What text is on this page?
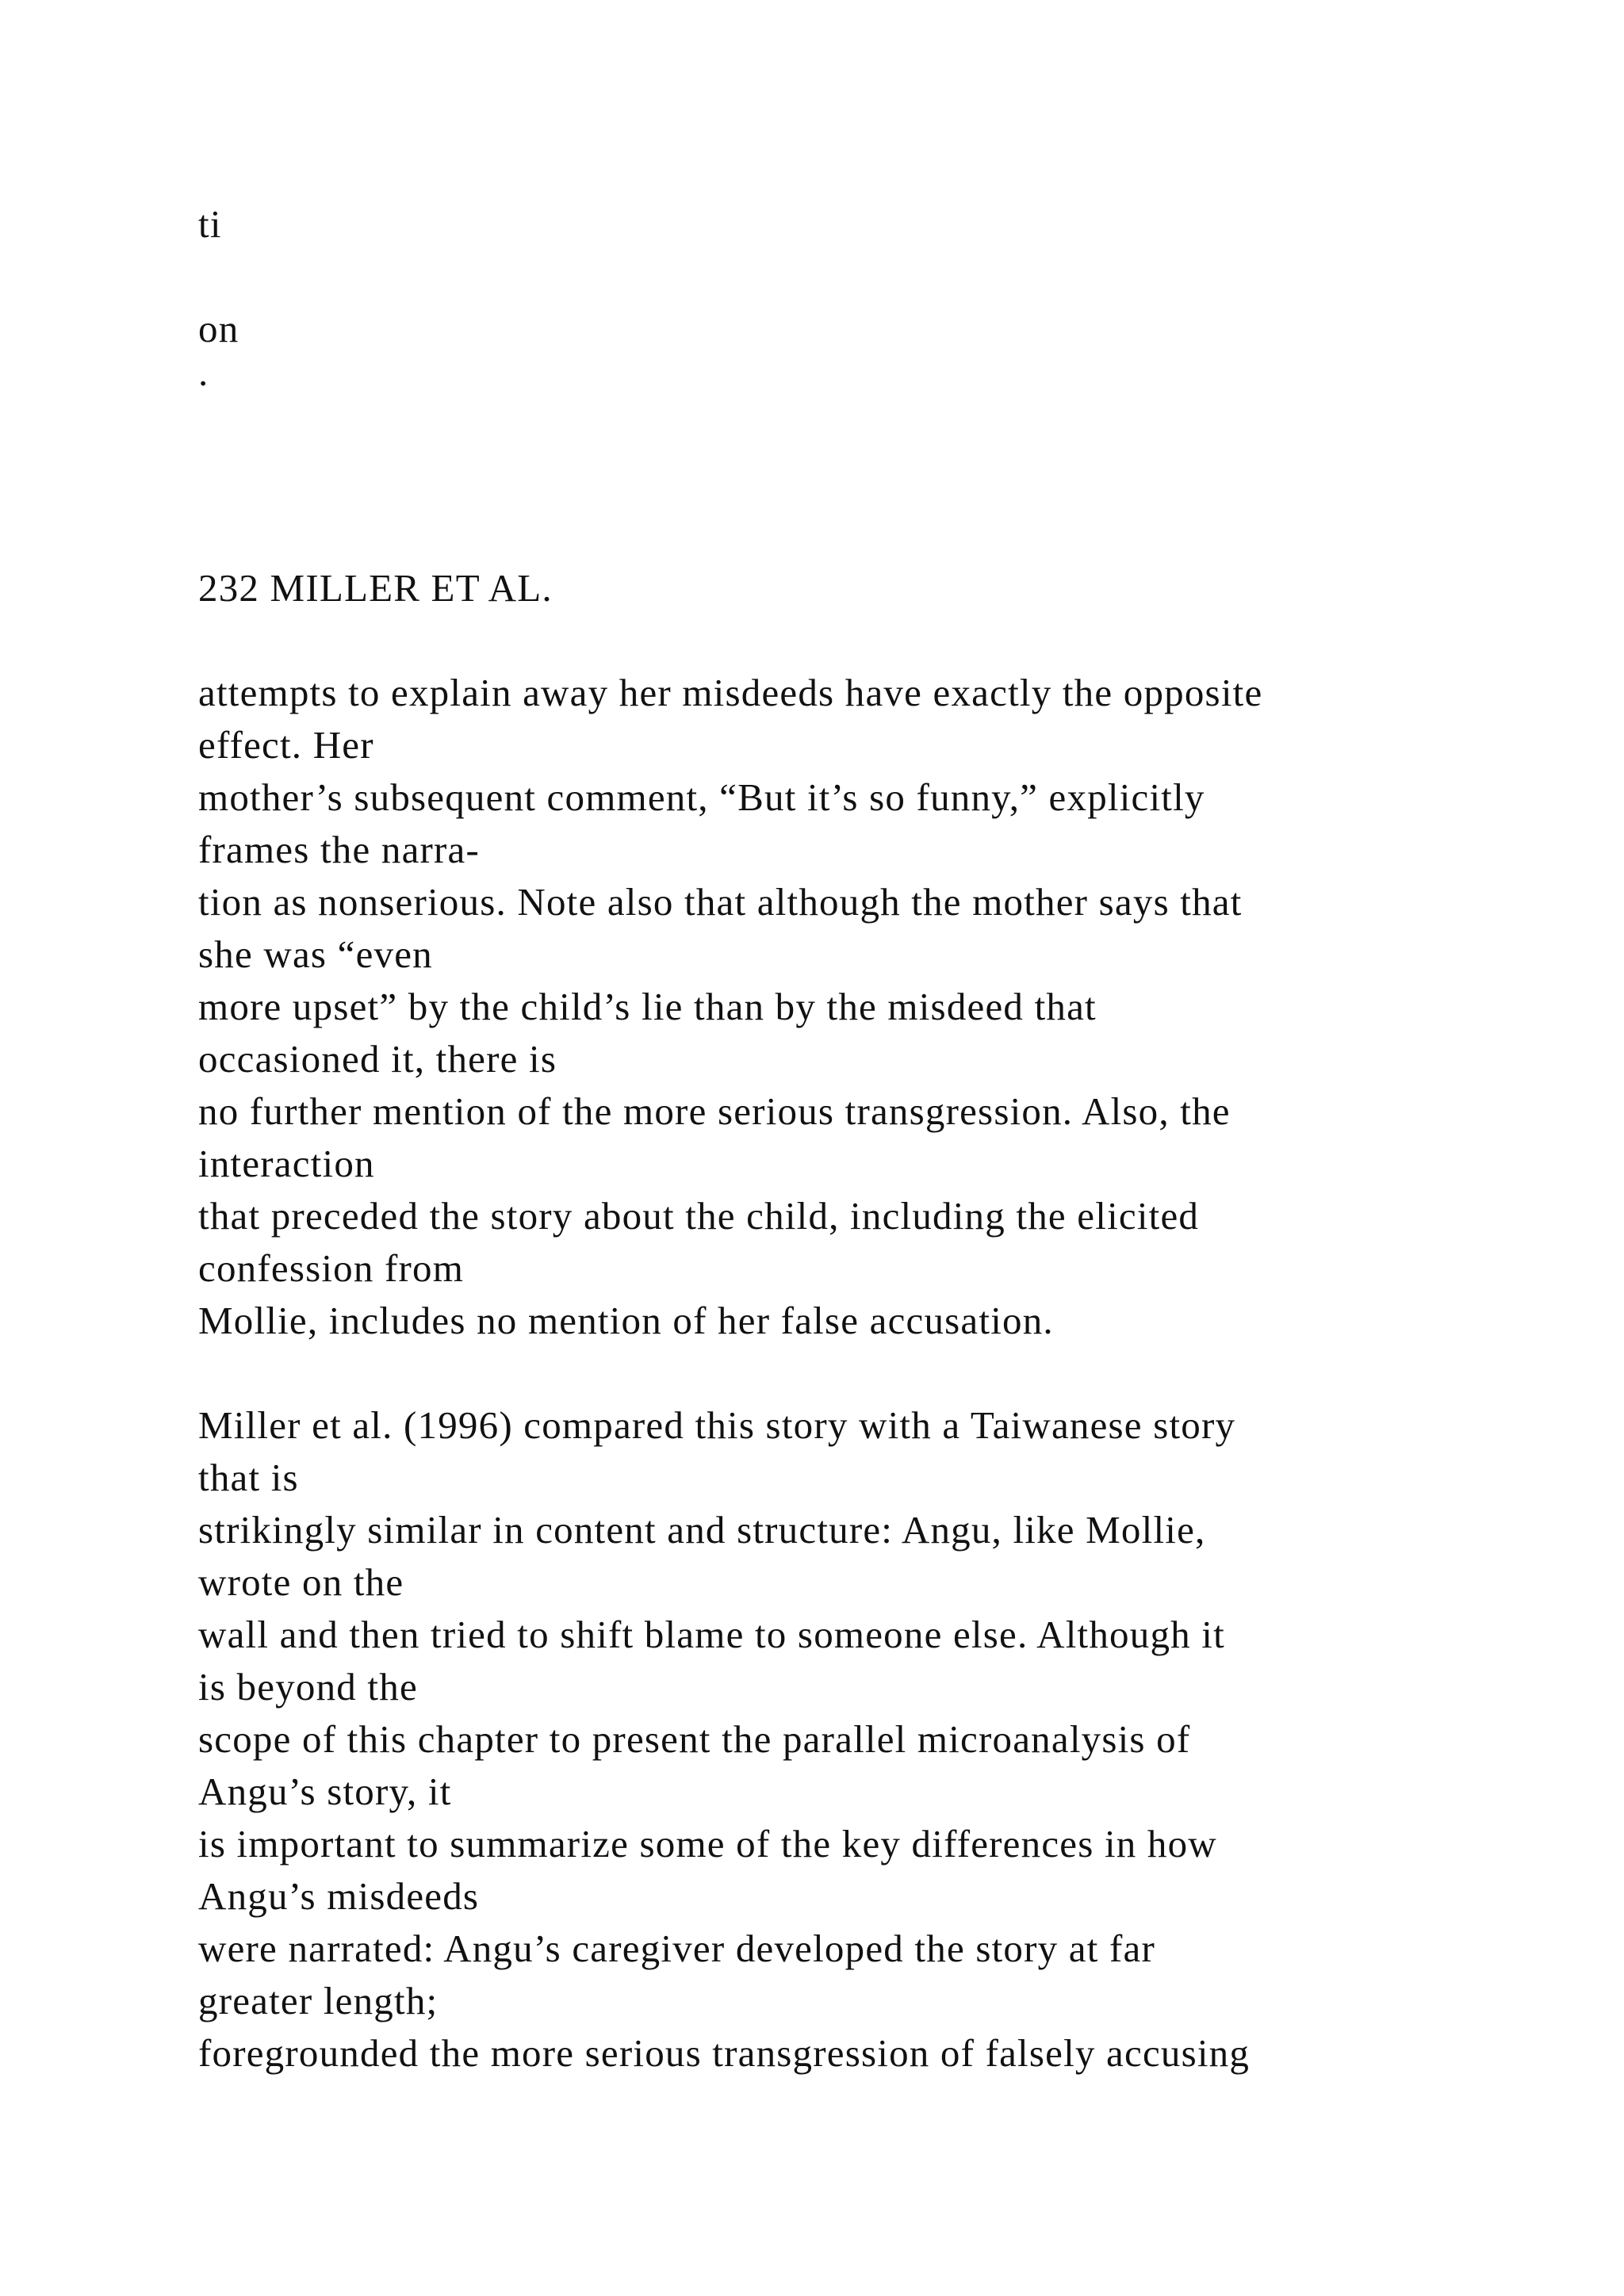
ti
on
.
232 MILLER ET AL.
attempts to explain away her misdeeds have exactly the opposite
effect. Her
mother’s subsequent comment, “But it’s so funny,” explicitly
frames the narra-
tion as nonserious. Note also that although the mother says that
she was “even
more upset” by the child’s lie than by the misdeed that
occasioned it, there is
no further mention of the more serious transgression. Also, the
interaction
that preceded the story about the child, including the elicited
confession from
Mollie, includes no mention of her false accusation.
Miller et al. (1996) compared this story with a Taiwanese story
that is
strikingly similar in content and structure: Angu, like Mollie,
wrote on the
wall and then tried to shift blame to someone else. Although it
is beyond the
scope of this chapter to present the parallel microanalysis of
Angu’s story, it
is important to summarize some of the key differences in how
Angu’s misdeeds
were narrated: Angu’s caregiver developed the story at far
greater length;
foregrounded the more serious transgression of falsely accusing
